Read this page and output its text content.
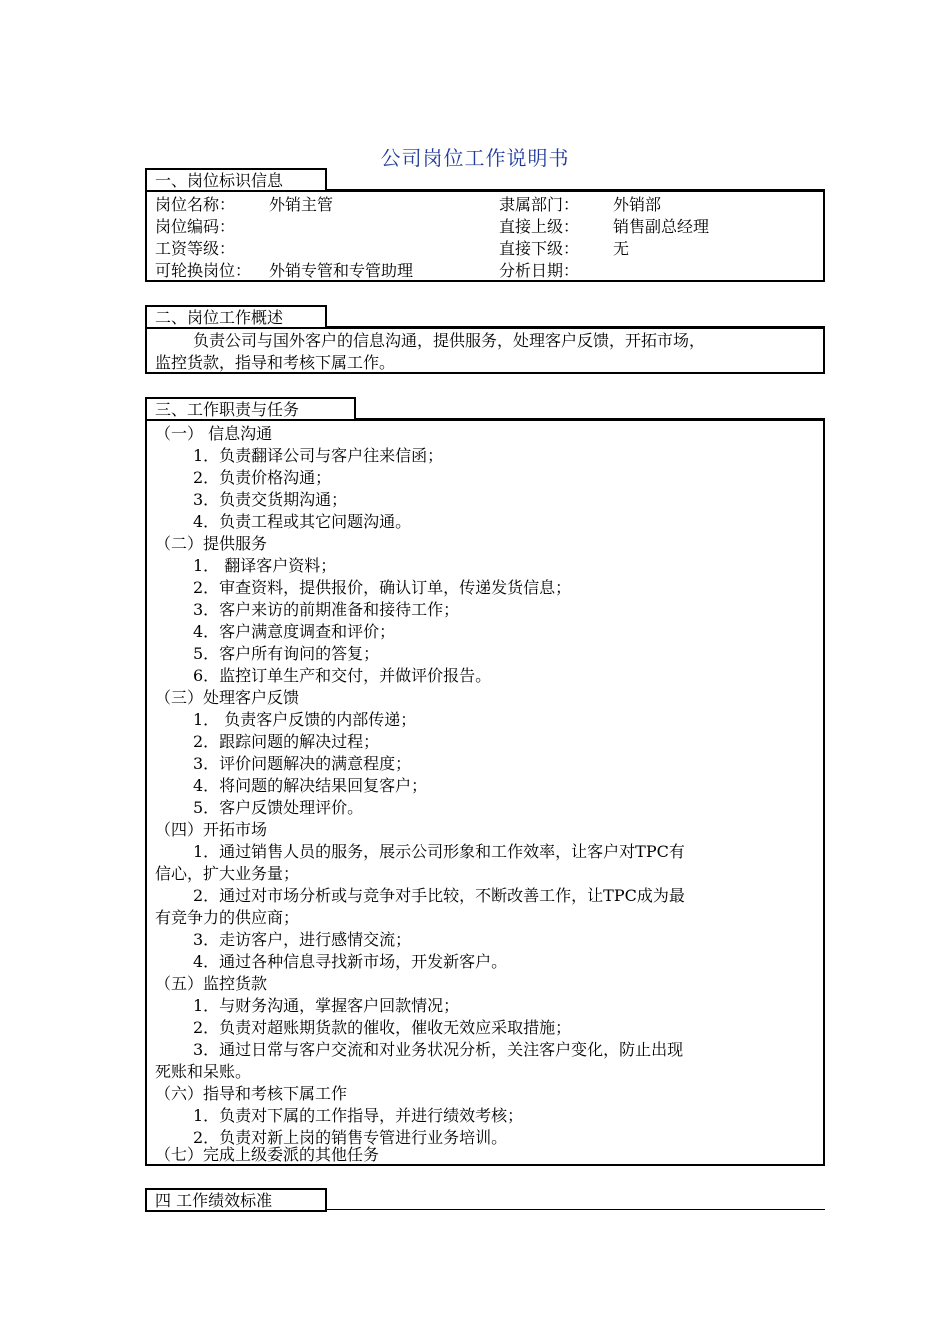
公司岗位工作说明书
一、岗位标识信息
岗位名称： 外销主管	隶属部门： 外销部
岗位编码：	直接上级： 销售副总经理
工资等级：	直接下级： 无
可轮换岗位： 外销专管和专管助理	分析日期：
二、岗位工作概述
负责公司与国外客户的信息沟通，提供服务，处理客户反馈，开拓市场，
监控货款，指导和考核下属工作。
三、工作职责与任务
（一） 信息沟通
1．负责翻译公司与客户往来信函；
2．负责价格沟通；
3．负责交货期沟通；
4．负责工程或其它问题沟通。
（二）提供服务
1． 翻译客户资料；
2．审查资料，提供报价，确认订单，传递发货信息；
3．客户来访的前期准备和接待工作；
4．客户满意度调查和评价；
5．客户所有询问的答复；
6．监控订单生产和交付，并做评价报告。
（三）处理客户反馈
1． 负责客户反馈的内部传递；
2．跟踪问题的解决过程；
3．评价问题解决的满意程度；
4．将问题的解决结果回复客户；
5．客户反馈处理评价。
（四）开拓市场
1．通过销售人员的服务，展示公司形象和工作效率，让客户对TPC有
信心，扩大业务量；
2．通过对市场分析或与竞争对手比较，不断改善工作，让TPC成为最
有竞争力的供应商；
3．走访客户，进行感情交流；
4．通过各种信息寻找新市场，开发新客户。
（五）监控货款
1．与财务沟通，掌握客户回款情况；
2．负责对超账期货款的催收，催收无效应采取措施；
3．通过日常与客户交流和对业务状况分析，关注客户变化，防止出现
死账和呆账。
（六）指导和考核下属工作
1．负责对下属的工作指导，并进行绩效考核；
2．负责对新上岗的销售专管进行业务培训。
（七）完成上级委派的其他任务
四 工作绩效标准
